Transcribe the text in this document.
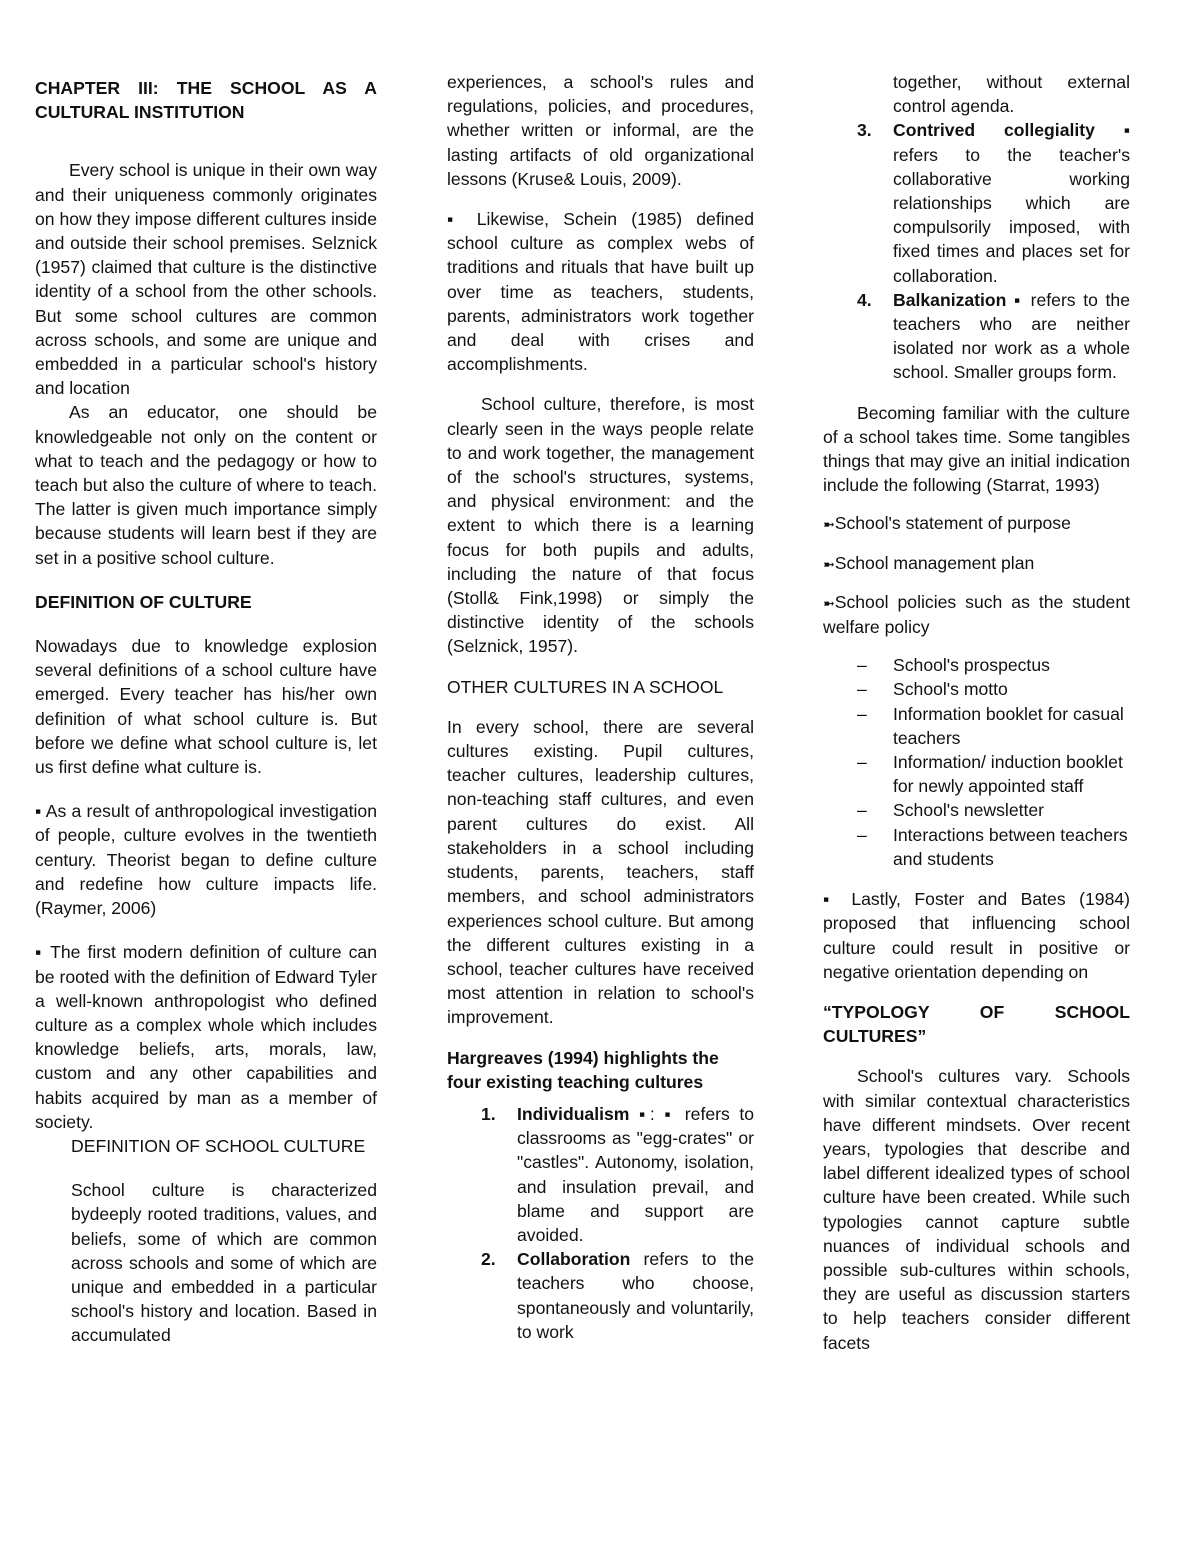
CHAPTER III: THE SCHOOL AS A CULTURAL INSTITUTION

Every school is unique in their own way and their uniqueness commonly originates on how they impose different cultures inside and outside their school premises. Selznick (1957) claimed that culture is the distinctive identity of a school from the other schools. But some school cultures are common across schools, and some are unique and embedded in a particular school's history and location

As an educator, one should be knowledgeable not only on the content or what to teach and the pedagogy or how to teach but also the culture of where to teach. The latter is given much importance simply because students will learn best if they are set in a positive school culture.

DEFINITION OF CULTURE

Nowadays due to knowledge explosion several definitions of a school culture have emerged. Every teacher has his/her own definition of what school culture is. But before we define what school culture is, let us first define what culture is.

▪ As a result of anthropological investigation of people, culture evolves in the twentieth century. Theorist began to define culture and redefine how culture impacts life. (Raymer, 2006)

▪ The first modern definition of culture can be rooted with the definition of Edward Tyler a well-known anthropologist who defined culture as a complex whole which includes knowledge beliefs, arts, morals, law, custom and any other capabilities and habits acquired by man as a member of society.

DEFINITION OF SCHOOL CULTURE

School culture is characterized bydeeply rooted traditions, values, and beliefs, some of which are common across schools and some of which are unique and embedded in a particular school's history and location. Based in accumulated

experiences, a school's rules and regulations, policies, and procedures, whether written or informal, are the lasting artifacts of old organizational lessons (Kruse& Louis, 2009).

▪ Likewise, Schein (1985) defined school culture as complex webs of traditions and rituals that have built up over time as teachers, students, parents, administrators work together and deal with crises and accomplishments.

School culture, therefore, is most clearly seen in the ways people relate to and work together, the management of the school's structures, systems, and physical environment: and the extent to which there is a learning focus for both pupils and adults, including the nature of that focus (Stoll& Fink,1998) or simply the distinctive identity of the schools (Selznick, 1957).

OTHER CULTURES IN A SCHOOL

In every school, there are several cultures existing. Pupil cultures, teacher cultures, leadership cultures, non-teaching staff cultures, and even parent cultures do exist. All stakeholders in a school including students, parents, teachers, staff members, and school administrators experiences school culture. But among the different cultures existing in a school, teacher cultures have received most attention in relation to school's improvement.

Hargreaves (1994) highlights the four existing teaching cultures

1. Individualism ▪: ▪ refers to classrooms as "egg-crates" or "castles". Autonomy, isolation, and insulation prevail, and blame and support are avoided.
2. Collaboration refers to the teachers who choose, spontaneously and voluntarily, to work
together, without external control agenda.
3. Contrived collegiality ▪ refers to the teacher's collaborative working relationships which are compulsorily imposed, with fixed times and places set for collaboration.
4. Balkanization ▪ refers to the teachers who are neither isolated nor work as a whole school. Smaller groups form.

Becoming familiar with the culture of a school takes time. Some tangibles things that may give an initial indication include the following (Starrat, 1993)

➼School's statement of purpose

➼School management plan

➼School policies such as the student welfare policy

– School's prospectus
– School's motto
– Information booklet for casual teachers
– Information/ induction booklet for newly appointed staff
– School's newsletter
– Interactions between teachers and students

▪ Lastly, Foster and Bates (1984) proposed that influencing school culture could result in positive or negative orientation depending on

“TYPOLOGY OF SCHOOL CULTURES”

School's cultures vary. Schools with similar contextual characteristics have different mindsets. Over recent years, typologies that describe and label different idealized types of school culture have been created. While such typologies cannot capture subtle nuances of individual schools and possible sub-cultures within schools, they are useful as discussion starters to help teachers consider different facets
